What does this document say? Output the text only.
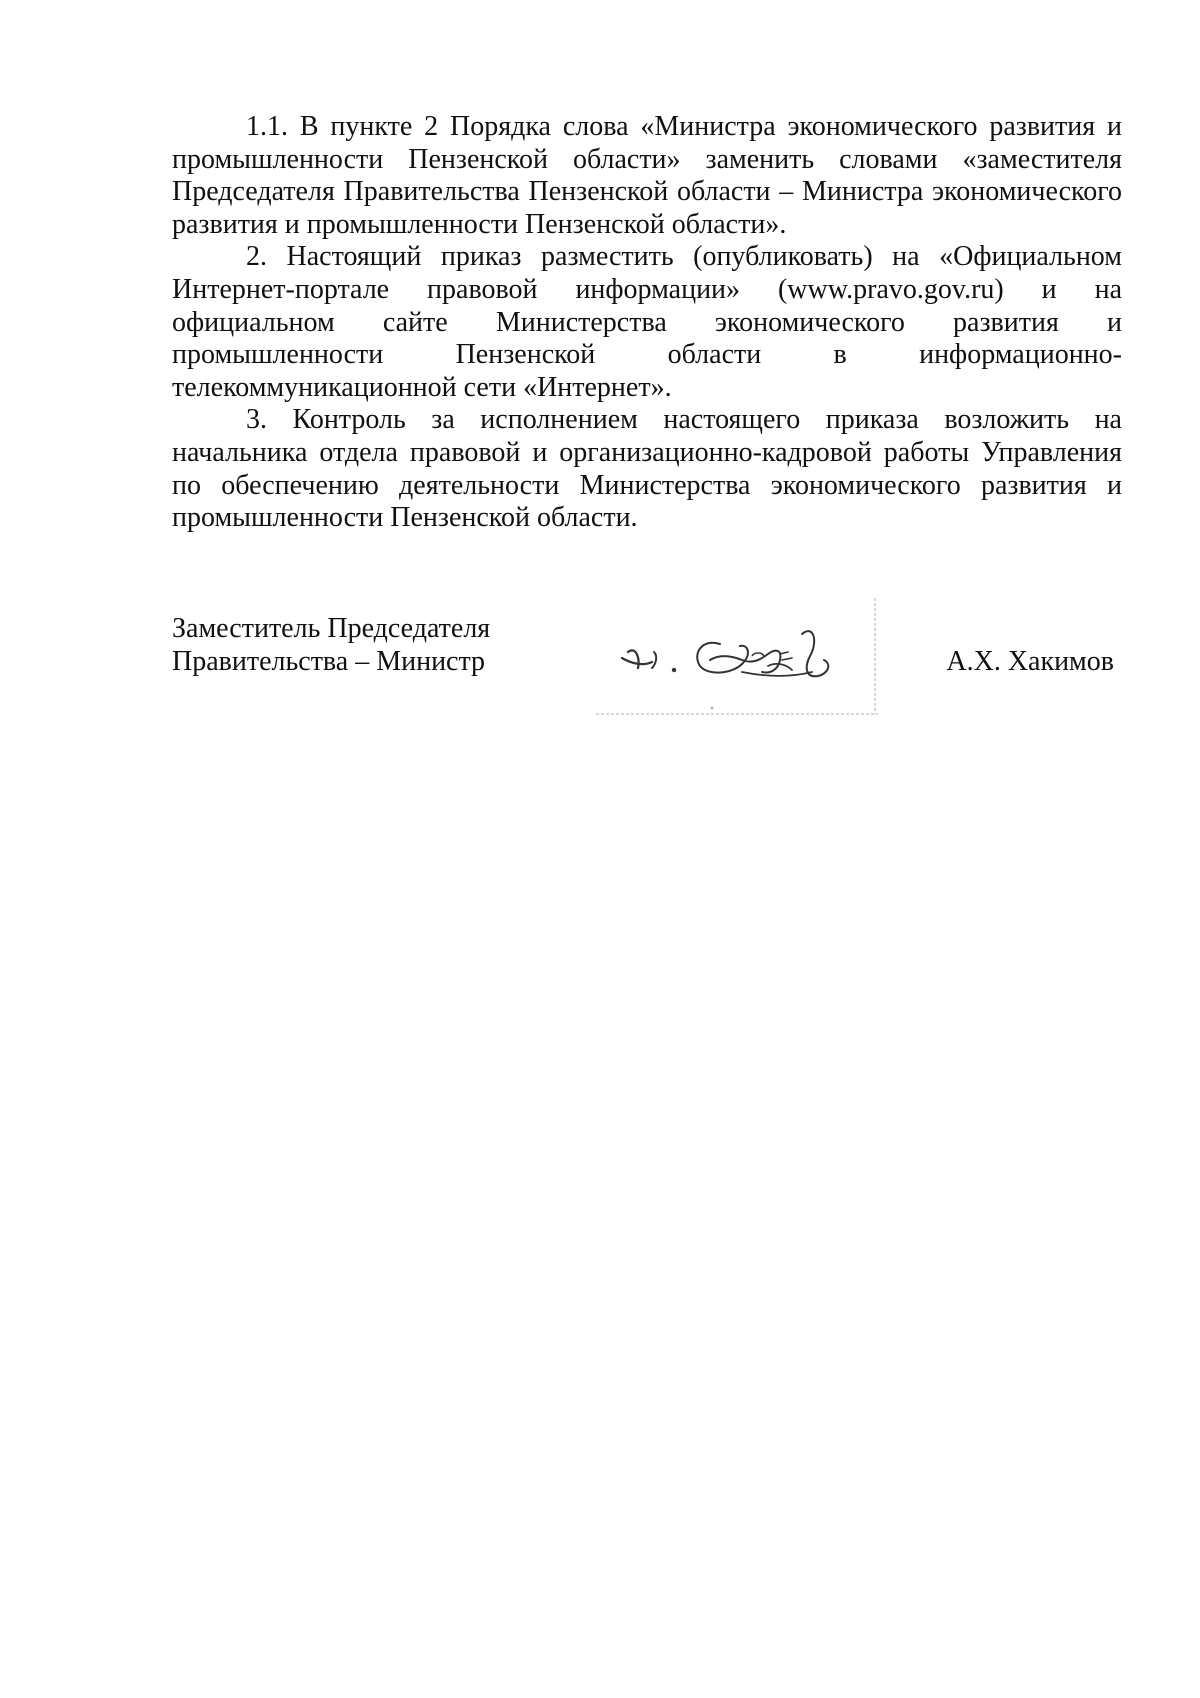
1.1. В пункте 2 Порядка слова «Министра экономического развития и промышленности Пензенской области» заменить словами «заместителя Председателя Правительства Пензенской области – Министра экономического развития и промышленности Пензенской области».

2. Настоящий приказ разместить (опубликовать) на «Официальном Интернет-портале правовой информации» (www.pravo.gov.ru) и на официальном сайте Министерства экономического развития и промышленности Пензенской области в информационно-телекоммуникационной сети «Интернет».

3. Контроль за исполнением настоящего приказа возложить на начальника отдела правовой и организационно-кадровой работы Управления по обеспечению деятельности Министерства экономического развития и промышленности Пензенской области.

Заместитель Председателя
Правительства – Министр	А.Х. Хакимов
